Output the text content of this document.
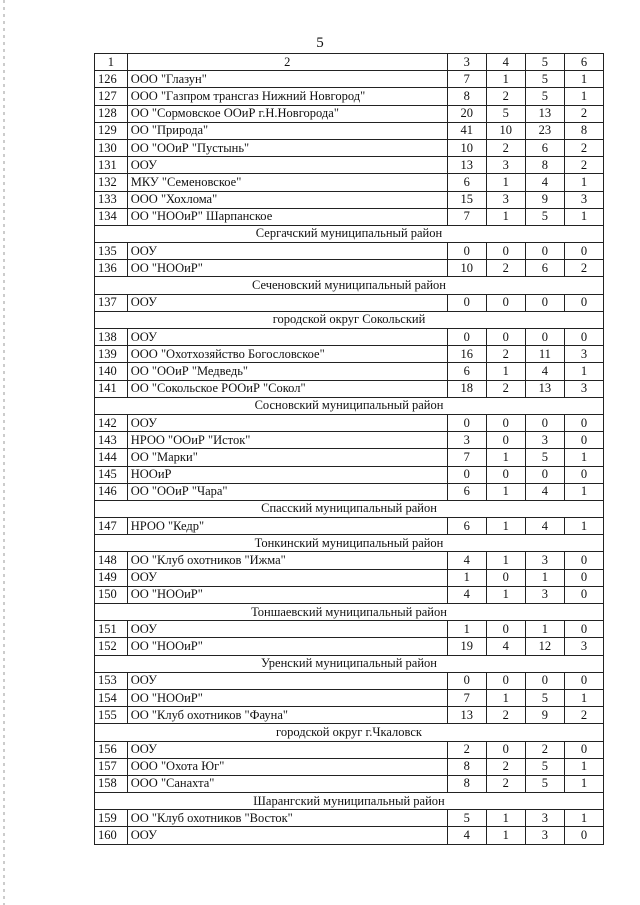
5
1	2	3	4	5	6
126	ООО "Глазун"	7	1	5	1
127	ООО "Газпром трансгаз Нижний Новгород"	8	2	5	1
128	ОО "Сормовское ООиР г.Н.Новгорода"	20	5	13	2
129	ОО "Природа"	41	10	23	8
130	ОО "ООиР "Пустынь"	10	2	6	2
131	ООУ	13	3	8	2
132	МКУ "Семеновское"	6	1	4	1
133	ООО "Хохлома"	15	3	9	3
134	ОО "НООиР" Шарпанское	7	1	5	1
Сергачский муниципальный район					
135	ООУ	0	0	0	0
136	ОО "НООиР"	10	2	6	2
Сеченовский муниципальный район					
137	ООУ	0	0	0	0
городской округ Сокольский					
138	ООУ	0	0	0	0
139	ООО "Охотхозяйство Богословское"	16	2	11	3
140	ОО "ООиР "Медведь"	6	1	4	1
141	ОО "Сокольское РООиР "Сокол"	18	2	13	3
Сосновский муниципальный район					
142	ООУ	0	0	0	0
143	НРОО "ООиР "Исток"	3	0	3	0
144	ОО "Марки"	7	1	5	1
145	НООиР	0	0	0	0
146	ОО "ООиР "Чара"	6	1	4	1
Спасский муниципальный район					
147	НРОО "Кедр"	6	1	4	1
Тонкинский муниципальный район					
148	ОО "Клуб охотников "Ижма"	4	1	3	0
149	ООУ	1	0	1	0
150	ОО "НООиР"	4	1	3	0
Тоншаевский муниципальный район					
151	ООУ	1	0	1	0
152	ОО "НООиР"	19	4	12	3
Уренский муниципальный район					
153	ООУ	0	0	0	0
154	ОО "НООиР"	7	1	5	1
155	ОО "Клуб охотников "Фауна"	13	2	9	2
городской округ г.Чкаловск					
156	ООУ	2	0	2	0
157	ООО "Охота Юг"	8	2	5	1
158	ООО "Санахта"	8	2	5	1
Шарангский муниципальный район					
159	ОО "Клуб охотников "Восток"	5	1	3	1
160	ООУ	4	1	3	0
